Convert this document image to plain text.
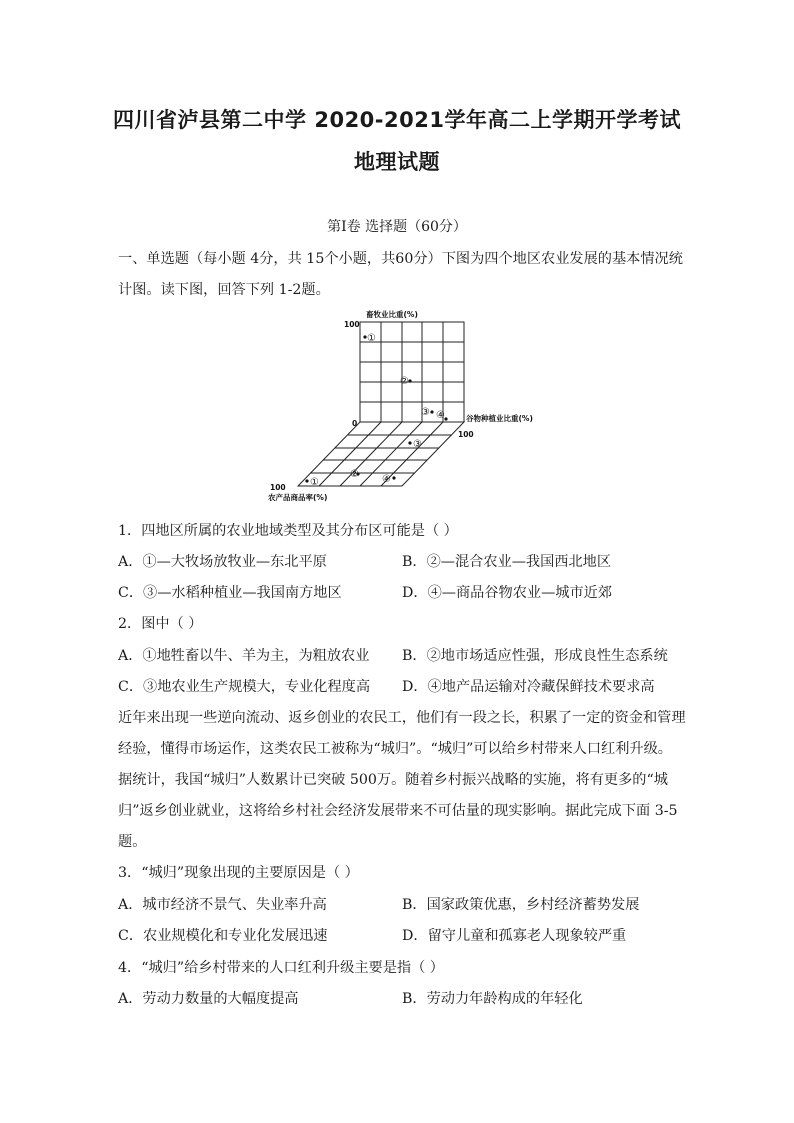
四川省泸县第二中学 2020-2021学年高二上学期开学考试
地理试题
第Ⅰ卷 选择题（60分）
一、单选题（每小题 4分，共 15个小题，共60分）下图为四个地区农业发展的基本情况统
计图。读下图，回答下列 1-2题。
畜牧业比重(%)
100
0
谷物种植业比重(%)
100
100
农产品商品率(%)
①
②
③ ④
③
②
①	④
1．四地区所属的农业地域类型及其分布区可能是（ ）
A．①—大牧场放牧业—东北平原	B．②—混合农业—我国西北地区
C．③—水稻种植业—我国南方地区	D．④—商品谷物农业—城市近郊
2．图中（ ）
A．①地牲畜以牛、羊为主，为粗放农业 B．②地市场适应性强，形成良性生态系统
C．③地农业生产规模大，专业化程度高 D．④地产品运输对冷藏保鲜技术要求高
近年来出现一些逆向流动、返乡创业的农民工，他们有一段之长，积累了一定的资金和管理
经验，懂得市场运作，这类农民工被称为“城归”。“城归”可以给乡村带来人口红利升级。
据统计，我国“城归”人数累计已突破 500万。随着乡村振兴战略的实施，将有更多的“城
归”返乡创业就业，这将给乡村社会经济发展带来不可估量的现实影响。据此完成下面 3-5
题。
3．“城归”现象出现的主要原因是（ ）
A．城市经济不景气、失业率升高	B．国家政策优惠，乡村经济蓄势发展
C．农业规模化和专业化发展迅速	D．留守儿童和孤寡老人现象较严重
4．“城归”给乡村带来的人口红利升级主要是指（ ）
A．劳动力数量的大幅度提高	B．劳动力年龄构成的年轻化
